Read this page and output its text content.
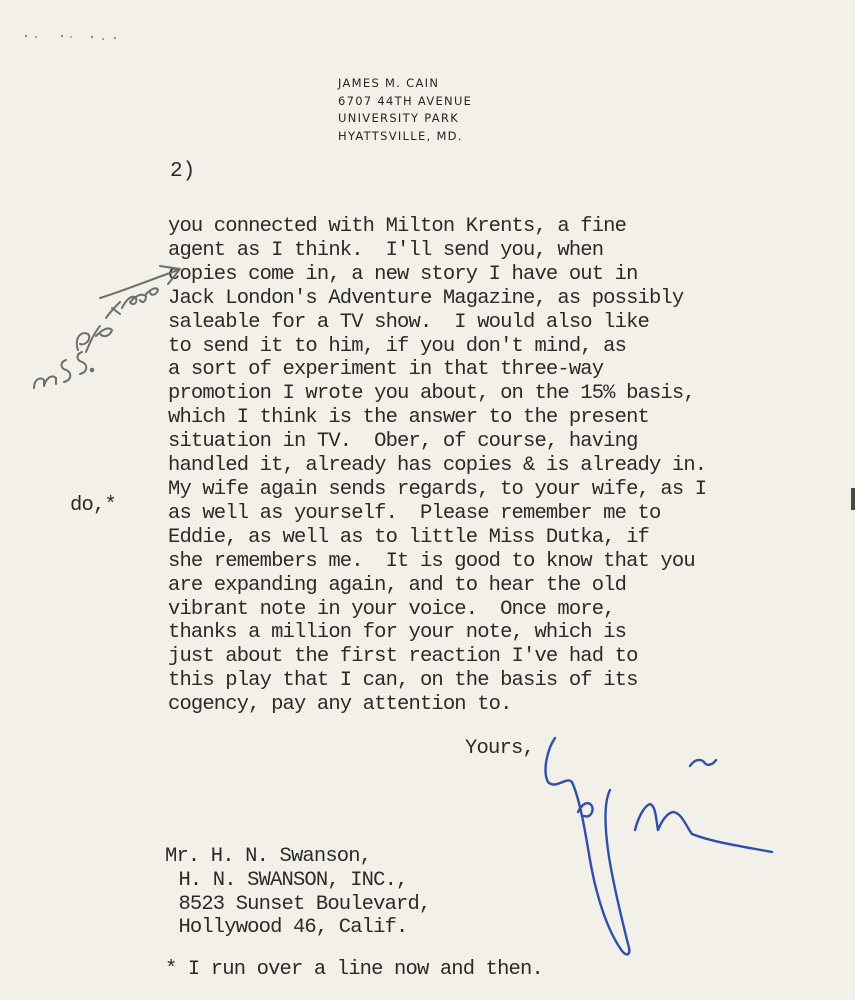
JAMES M. CAIN
6707 44TH AVENUE
UNIVERSITY PARK
HYATTSVILLE, MD.
2)
you connected with Milton Krents, a fine
agent as I think.  I'll send you, when
copies come in, a new story I have out in
Jack London's Adventure Magazine, as possibly
saleable for a TV show.  I would also like
to send it to him, if you don't mind, as
a sort of experiment in that three-way
promotion I wrote you about, on the 15% basis,
which I think is the answer to the present
situation in TV.  Ober, of course, having
handled it, already has copies & is already in.
My wife again sends regards, to your wife, as I
as well as yourself.  Please remember me to
Eddie, as well as to little Miss Dutka, if
she remembers me.  It is good to know that you
are expanding again, and to hear the old
vibrant note in your voice.  Once more,
thanks a million for your note, which is
just about the first reaction I've had to
this play that I can, on the basis of its
cogency, pay any attention to.
do,*
Yours,
Mr. H. N. Swanson,
H. N. SWANSON, INC.,
8523 Sunset Boulevard,
Hollywood 46, Calif.
* I run over a line now and then.
